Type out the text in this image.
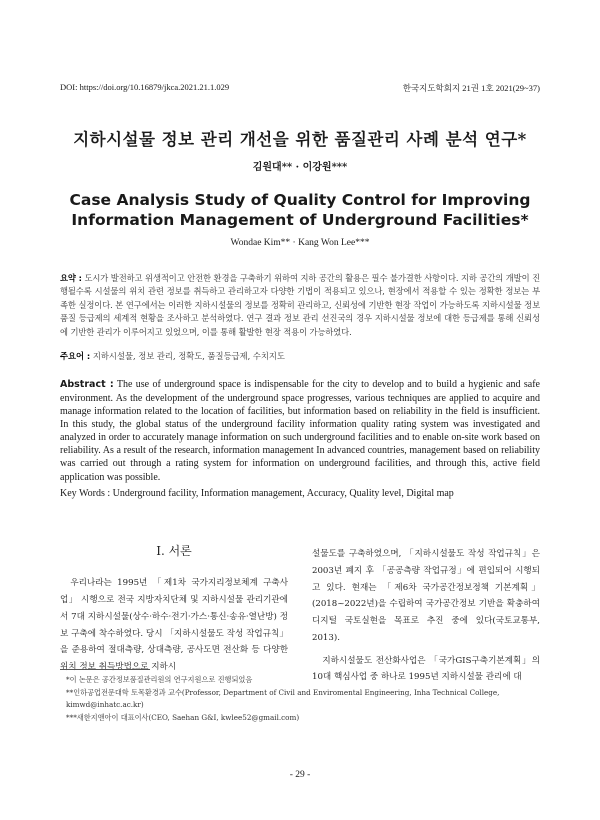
DOI: https://doi.org/10.16879/jkca.2021.21.1.029	한국지도학회지 21권 1호 2021(29~37)
지하시설물 정보 관리 개선을 위한 품질관리 사례 분석 연구*
김원대** · 이강원***
Case Analysis Study of Quality Control for Improving Information Management of Underground Facilities*
Wondae Kim** · Kang Won Lee***
요약 : 도시가 발전하고 위생적이고 안전한 환경을 구축하기 위하여 지하 공간의 활용은 필수 불가결한 사항이다. 지하 공간의 개발이 진행될수록 시설물의 위치 관련 정보를 취득하고 관리하고자 다양한 기법이 적용되고 있으나, 현장에서 적용할 수 있는 정확한 정보는 부족한 실정이다. 본 연구에서는 이러한 지하시설물의 정보를 정확히 관리하고, 신뢰성에 기반한 현장 작업이 가능하도록 지하시설물 정보 품질 등급제의 세계적 현황을 조사하고 분석하였다. 연구 결과 정보 관리 선진국의 경우 지하시설물 정보에 대한 등급제를 통해 신뢰성에 기반한 관리가 이루어지고 있었으며, 이를 통해 활발한 현장 적용이 가능하였다.
주요어 : 지하시설물, 정보 관리, 정확도, 품질등급제, 수치지도
Abstract : The use of underground space is indispensable for the city to develop and to build a hygienic and safe environment. As the development of the underground space progresses, various techniques are applied to acquire and manage information related to the location of facilities, but information based on reliability in the field is insufficient. In this study, the global status of the underground facility information quality rating system was investigated and analyzed in order to accurately manage information on such underground facilities and to enable on-site work based on reliability. As a result of the research, information management In advanced countries, management based on reliability was carried out through a rating system for information on underground facilities, and through this, active field application was possible.
Key Words : Underground facility, Information management, Accuracy, Quality level, Digital map
I. 서론

우리나라는 1995년 「제1차 국가지리정보체계 구축사업」 시행으로 전국 지방자치단체 및 지하시설물 관리기관에서 7대 지하시설물(상수·하수·전기·가스·통신·송유·열난방) 정보 구축에 착수하였다. 당시 「지하시설물도 작성 작업규칙」을 준용하여 절대측량, 상대측량, 공사도면 전산화 등 다양한 위치 정보 취득방법으로 지하시

설물도를 구축하였으며, 「지하시설물도 작성 작업규칙」은 2003년 폐지 후 「공공측량 작업규정」에 편입되어 시행되고 있다. 현재는 「제6차 국가공간정보정책 기본계획」(2018~2022년)을 수립하여 국가공간정보 기반을 확충하여 디지털 국토실현을 목표로 추진 중에 있다(국토교통부, 2013).

지하시설물도 전산화사업은 「국가GIS구축기본계획」의 10대 핵심사업 중 하나로 1995년 지하시설물 관리에 대

*이 논문은 공간정보품질관리원의 연구지원으로 진행되었음
**인하공업전문대학 토목환경과 교수(Professor, Department of Civil and Enviromental Engineering, Inha Technical College, kimwd@inhatc.ac.kr)
***새한지앤아이 대표이사(CEO, Saehan G&I, kwlee52@gmail.com)
- 29 -
